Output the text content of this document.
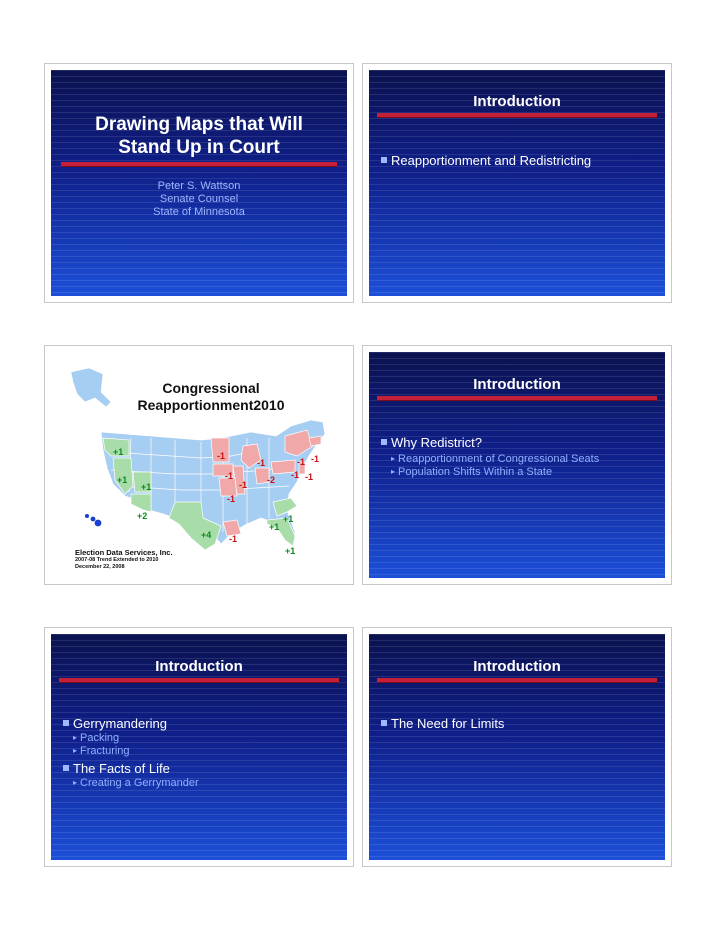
Drawing Maps that Will
Stand Up in Court
Peter S. Wattson
Senate Counsel
State of Minnesota
Introduction
Reapportionment and Redistricting
Congressional
Reapportionment2010
+1	-1
-1	-1 -1
-1	-2 -1 -1
-1
+1
+1
-1
+2	+1
+1
+4 -1
+1
Election Data Services, Inc.
2007-08 Trend Extended to 2010
December 22, 2008
Introduction
Why Redistrict?
▸ Reapportionment of Congressional Seats
▸ Population Shifts Within a State
Introduction
Gerrymandering
▸ Packing
▸ Fracturing
The Facts of Life
▸ Creating a Gerrymander
Introduction
The Need for Limits
